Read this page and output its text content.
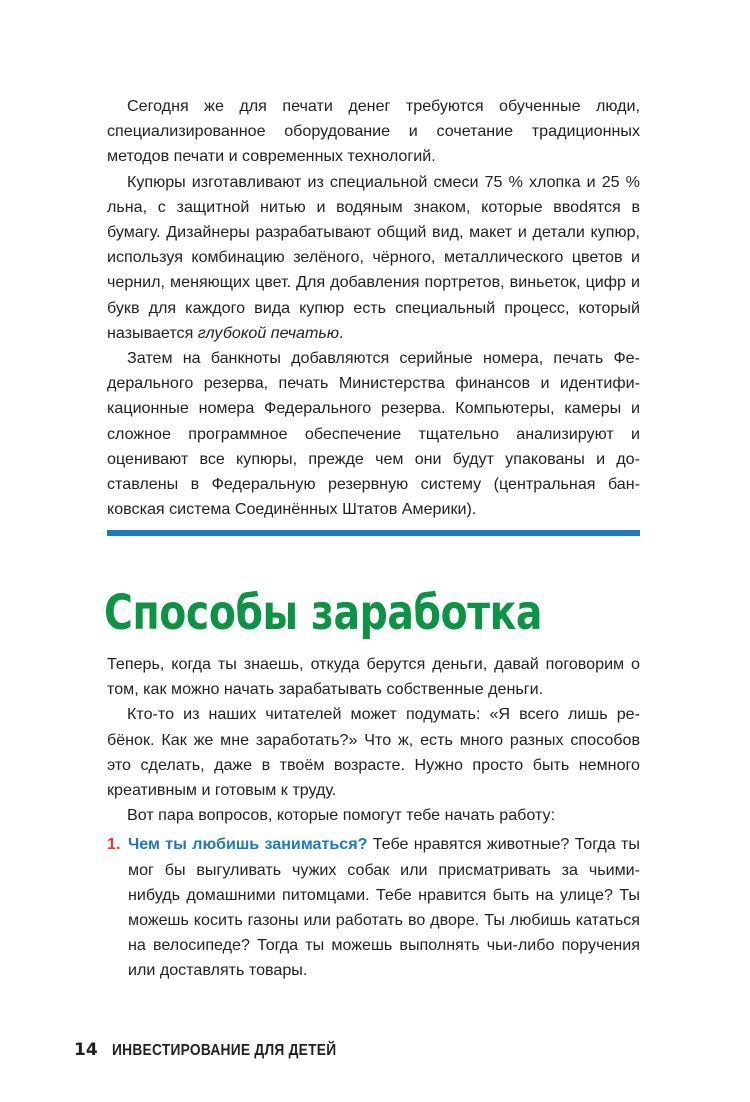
Сегодня же для печати денег требуются обученные люди, специализированное оборудование и сочетание традиционных методов печати и современных технологий.

Купюры изготавливают из специальной смеси 75 % хлопка и 25 % льна, с защитной нитью и водяным знаком, которые ввоdятся в бумагу. Дизайнеры разрабатывают общий вид, макет и детали купюр, используя комбинацию зелёного, чёрного, металлического цветов и чернил, меняющих цвет. Для добавления портретов, виньеток, цифр и букв для каждого вида купюр есть специальный процесс, который называется глубокой печатью.

Затем на банкноты добавляются серийные номера, печать Федерального резерва, печать Министерства финансов и идентификационные номера Федерального резерва. Компьютеры, камеры и сложное программное обеспечение тщательно анализируют и оценивают все купюры, прежде чем они будут упакованы и доставлены в Федеральную резервную систему (центральная банковская система Соединённых Штатов Америки).

Способы заработка

Теперь, когда ты знаешь, откуда берутся деньги, давай поговорим о том, как можно начать зарабатывать собственные деньги.

Кто-то из наших читателей может подумать: «Я всего лишь ребёнок. Как же мне заработать?» Что ж, есть много разных способов это сделать, даже в твоём возрасте. Нужно просто быть немного креативным и готовым к труду.

Вот пара вопросов, которые помогут тебе начать работу:

1. Чем ты любишь заниматься? Тебе нравятся животные? Тогда ты мог бы выгуливать чужих собак или присматривать за чьими-нибудь домашними питомцами. Тебе нравится быть на улице? Ты можешь косить газоны или работать во дворе. Ты любишь кататься на велосипеде? Тогда ты можешь выполнять чьи-либо поручения или доставлять товары.
14 ИНВЕСТИРОВАНИЕ ДЛЯ ДЕТЕЙ
